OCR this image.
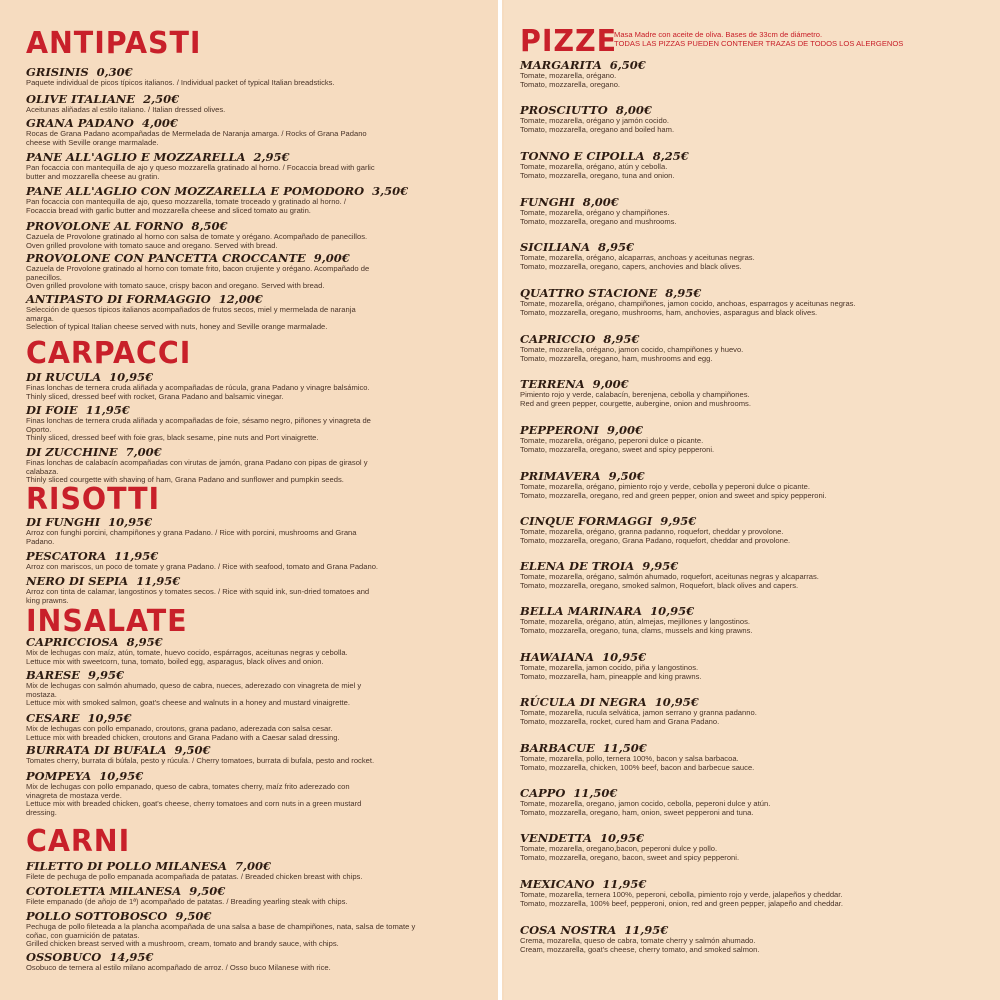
ANTIPASTI
GRISINIS 0,30€
Paquete individual de picos típicos italianos. / Individual packet of typical Italian breadsticks.
OLIVE ITALIANE 2,50€
Aceitunas aliñadas al estilo italiano. / Italian dressed olives.
GRANA PADANO 4,00€
Rocas de Grana Padano acompañadas de Mermelada de Naranja amarga. / Rocks of Grana Padano
cheese with Seville orange marmalade.
PANE ALL'AGLIO E MOZZARELLA 2,95€
Pan focaccia con mantequilla de ajo y queso mozzarella gratinado al horno. / Focaccia bread with garlic
butter and mozzarella cheese au gratin.
PANE ALL'AGLIO CON MOZZARELLA E POMODORO 3,50€
Pan focaccia con mantequilla de ajo, queso mozzarella, tomate troceado y gratinado al horno. /
Focaccia bread with garlic butter and mozzarella cheese and sliced tomato au gratin.
PROVOLONE AL FORNO 8,50€
Cazuela de Provolone gratinado al horno con salsa de tomate y orégano. Acompañado de panecillos.
Oven grilled provolone with tomato sauce and oregano. Served with bread.
PROVOLONE CON PANCETTA CROCCANTE 9,00€
Cazuela de Provolone gratinado al horno con tomate frito, bacon crujiente y orégano. Acompañado de
panecillos.
Oven grilled provolone with tomato sauce, crispy bacon and oregano. Served with bread.
ANTIPASTO DI FORMAGGIO 12,00€
Selección de quesos típicos italianos acompañados de frutos secos, miel y mermelada de naranja
amarga.
Selection of typical Italian cheese served with nuts, honey and Seville orange marmalade.
CARPACCI
DI RUCULA 10,95€
Finas lonchas de ternera cruda aliñada y acompañadas de rúcula, grana Padano y vinagre balsámico.
Thinly sliced, dressed beef with rocket, Grana Padano and balsamic vinegar.
DI FOIE 11,95€
Finas lonchas de ternera cruda aliñada y acompañadas de foie, sésamo negro, piñones y vinagreta de
Oporto.
Thinly sliced, dressed beef with foie gras, black sesame, pine nuts and Port vinaigrette.
DI ZUCCHINE 7,00€
Finas lonchas de calabacín acompañadas con virutas de jamón, grana Padano con pipas de girasol y
calabaza.
Thinly sliced courgette with shaving of ham, Grana Padano and sunflower and pumpkin seeds.
RISOTTI
DI FUNGHI 10,95€
Arroz con funghi porcini, champiñones y grana Padano. / Rice with porcini, mushrooms and Grana
Padano.
PESCATORA 11,95€
Arroz con mariscos, un poco de tomate y grana Padano. / Rice with seafood, tomato and Grana Padano.
NERO DI SEPIA 11,95€
Arroz con tinta de calamar, langostinos y tomates secos. / Rice with squid ink, sun-dried tomatoes and
king prawns.
INSALATE
CAPRICCIOSA 8,95€
Mix de lechugas con maíz, atún, tomate, huevo cocido, espárragos, aceitunas negras y cebolla.
Lettuce mix with sweetcorn, tuna, tomato, boiled egg, asparagus, black olives and onion.
BARESE 9,95€
Mix de lechugas con salmón ahumado, queso de cabra, nueces, aderezado con vinagreta de miel y
mostaza.
Lettuce mix with smoked salmon, goat's cheese and walnuts in a honey and mustard vinaigrette.
CESARE 10,95€
Mix de lechugas con pollo empanado, croutons, grana padano, aderezada con salsa cesar.
Lettuce mix with breaded chicken, croutons and Grana Padano with a Caesar salad dressing.
BURRATA DI BUFALA 9,50€
Tomates cherry, burrata di búfala, pesto y rúcula. / Cherry tomatoes, burrata di bufala, pesto and rocket.
POMPEYA 10,95€
Mix de lechugas con pollo empanado, queso de cabra, tomates cherry, maíz frito aderezado con
vinagreta de mostaza verde.
Lettuce mix with breaded chicken, goat's cheese, cherry tomatoes and corn nuts in a green mustard
dressing.
CARNI
FILETTO DI POLLO MILANESA 7,00€
Filete de pechuga de pollo empanada acompañada de patatas. / Breaded chicken breast with chips.
COTOLETTA MILANESA 9,50€
Filete empanado (de añojo de 1ª) acompañado de patatas. / Breading yearling steak with chips.
POLLO SOTTOBOSCO 9,50€
Pechuga de pollo fileteada a la plancha acompañada de una salsa a base de champiñones, nata, salsa de tomate y
coñac, con guarnición de patatas.
Grilled chicken breast served with a mushroom, cream, tomato and brandy sauce, with chips.
OSSOBUCO 14,95€
Osobuco de ternera al estilo milano acompañado de arroz. / Osso buco Milanese with rice.
PIZZE
MARGARITA 6,50€
Tomate, mozarella, orégano.
Tomato, mozzarella, oregano.
PROSCIUTTO 8,00€
Tomate, mozarella, orégano y jamón cocido.
Tomato, mozzarella, oregano and boiled ham.
TONNO E CIPOLLA 8,25€
Tomate, mozarella, orégano, atún y cebolla.
Tomato, mozzarella, oregano, tuna and onion.
FUNGHI 8,00€
Tomate, mozarella, orégano y champiñones.
Tomato, mozzarella, oregano and mushrooms.
SICILIANA 8,95€
Tomate, mozarella, orégano, alcaparras, anchoas y aceitunas negras.
Tomato, mozzarella, oregano, capers, anchovies and black olives.
QUATTRO STACIONE 8,95€
Tomate, mozarella, orégano, champiñones, jamon cocido, anchoas, esparragos y aceitunas negras.
Tomato, mozzarella, oregano, mushrooms, ham, anchovies, asparagus and black olives.
CAPRICCIO 8,95€
Tomate, mozarella, orégano, jamon cocido, champiñones y huevo.
Tomato, mozzarella, oregano, ham, mushrooms and egg.
TERRENA 9,00€
Pimiento rojo y verde, calabacín, berenjena, cebolla y champiñones.
Red and green pepper, courgette, aubergine, onion and mushrooms.
PEPPERONI 9,00€
Tomate, mozarella, orégano, peperoni dulce o picante.
Tomato, mozzarella, oregano, sweet and spicy pepperoni.
PRIMAVERA 9,50€
Tomate, mozarella, orégano, pimiento rojo y verde, cebolla y peperoni dulce o picante.
Tomato, mozzarella, oregano, red and green pepper, onion and sweet and spicy pepperoni.
CINQUE FORMAGGI 9,95€
Tomate, mozarella, orégano, granna padanno, roquefort, cheddar y provolone.
Tomato, mozzarella, oregano, Grana Padano, roquefort, cheddar and provolone.
ELENA DE TROIA 9,95€
Tomate, mozarella, orégano, salmón ahumado, roquefort, aceitunas negras y alcaparras.
Tomato, mozzarella, oregano, smoked salmon, Roquefort, black olives and capers.
BELLA MARINARA 10,95€
Tomate, mozarella, orégano, atún, almejas, mejillones y langostinos.
Tomato, mozzarella, oregano, tuna, clams, mussels and king prawns.
HAWAIANA 10,95€
Tomate, mozarella, jamon cocido, piña y langostinos.
Tomato, mozzarella, ham, pineapple and king prawns.
RÚCULA DI NEGRA 10,95€
Tomate, mozarella, rucula selvática, jamon serrano y granna padanno.
Tomato, mozzarella, rocket, cured ham and Grana Padano.
BARBACUE 11,50€
Tomate, mozarella, pollo, ternera 100%, bacon y salsa barbacoa.
Tomato, mozzarella, chicken, 100% beef, bacon and barbecue sauce.
CAPPO 11,50€
Tomate, mozarella, oregano, jamon cocido, cebolla, peperoni dulce y atún.
Tomato, mozzarella, oregano, ham, onion, sweet pepperoni and tuna.
VENDETTA 10,95€
Tomate, mozarella, oregano,bacon, peperoni dulce y pollo.
Tomato, mozzarella, oregano, bacon, sweet and spicy pepperoni.
MEXICANO 11,95€
Tomate, mozarella, ternera 100%, peperoni, cebolla, pimiento rojo y verde, jalapeños y cheddar.
Tomato, mozzarella, 100% beef, pepperoni, onion, red and green pepper, jalapeño and cheddar.
COSA NOSTRA 11,95€
Crema, mozarella, queso de cabra, tomate cherry y salmón ahumado.
Cream, mozzarella, goat's cheese, cherry tomato, and smoked salmon.
Masa Madre con aceite de oliva. Bases de 33cm de diámetro.
TODAS LAS PIZZAS PUEDEN CONTENER TRAZAS DE TODOS LOS ALERGENOS
